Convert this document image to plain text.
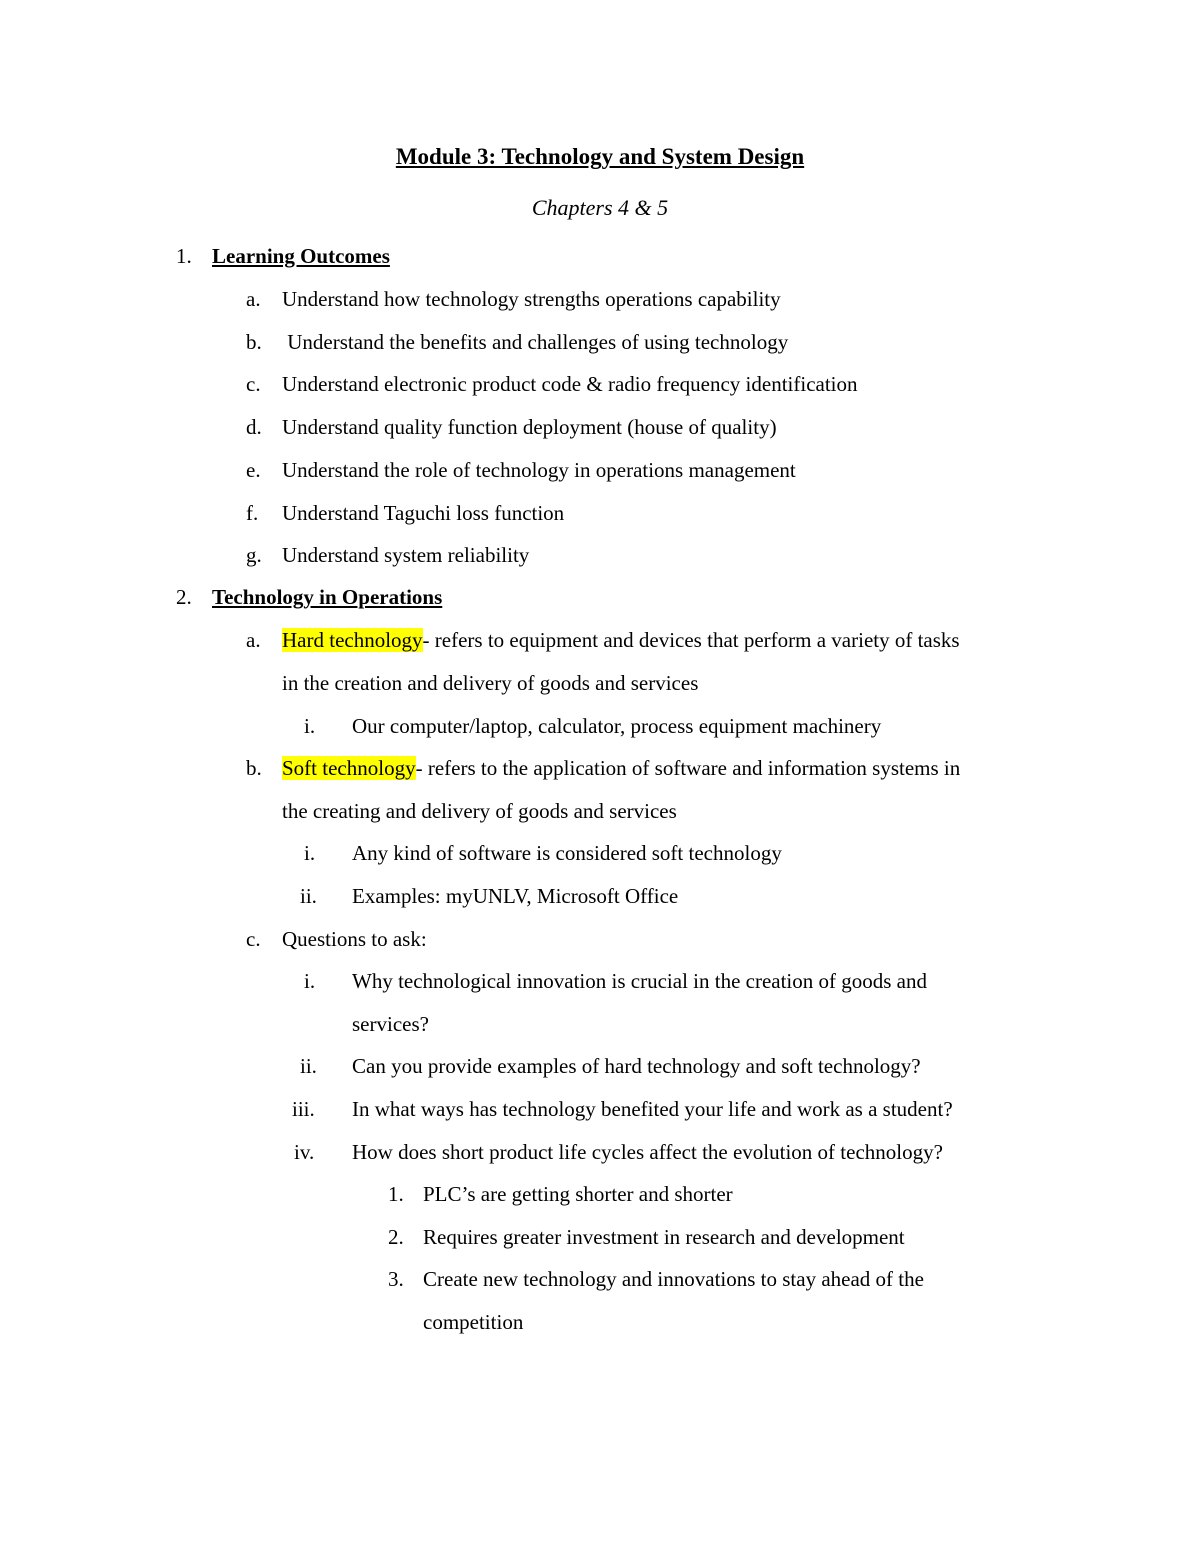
Module 3: Technology and System Design
Chapters 4 & 5
1. Learning Outcomes
a. Understand how technology strengths operations capability
b. Understand the benefits and challenges of using technology
c. Understand electronic product code & radio frequency identification
d. Understand quality function deployment (house of quality)
e. Understand the role of technology in operations management
f. Understand Taguchi loss function
g. Understand system reliability
2. Technology in Operations
a. Hard technology- refers to equipment and devices that perform a variety of tasks
in the creation and delivery of goods and services
i. Our computer/laptop, calculator, process equipment machinery
b. Soft technology- refers to the application of software and information systems in
the creating and delivery of goods and services
i. Any kind of software is considered soft technology
ii. Examples: myUNLV, Microsoft Office
c. Questions to ask:
i. Why technological innovation is crucial in the creation of goods and
services?
ii. Can you provide examples of hard technology and soft technology?
iii. In what ways has technology benefited your life and work as a student?
iv. How does short product life cycles affect the evolution of technology?
1. PLC’s are getting shorter and shorter
2. Requires greater investment in research and development
3. Create new technology and innovations to stay ahead of the
competition
